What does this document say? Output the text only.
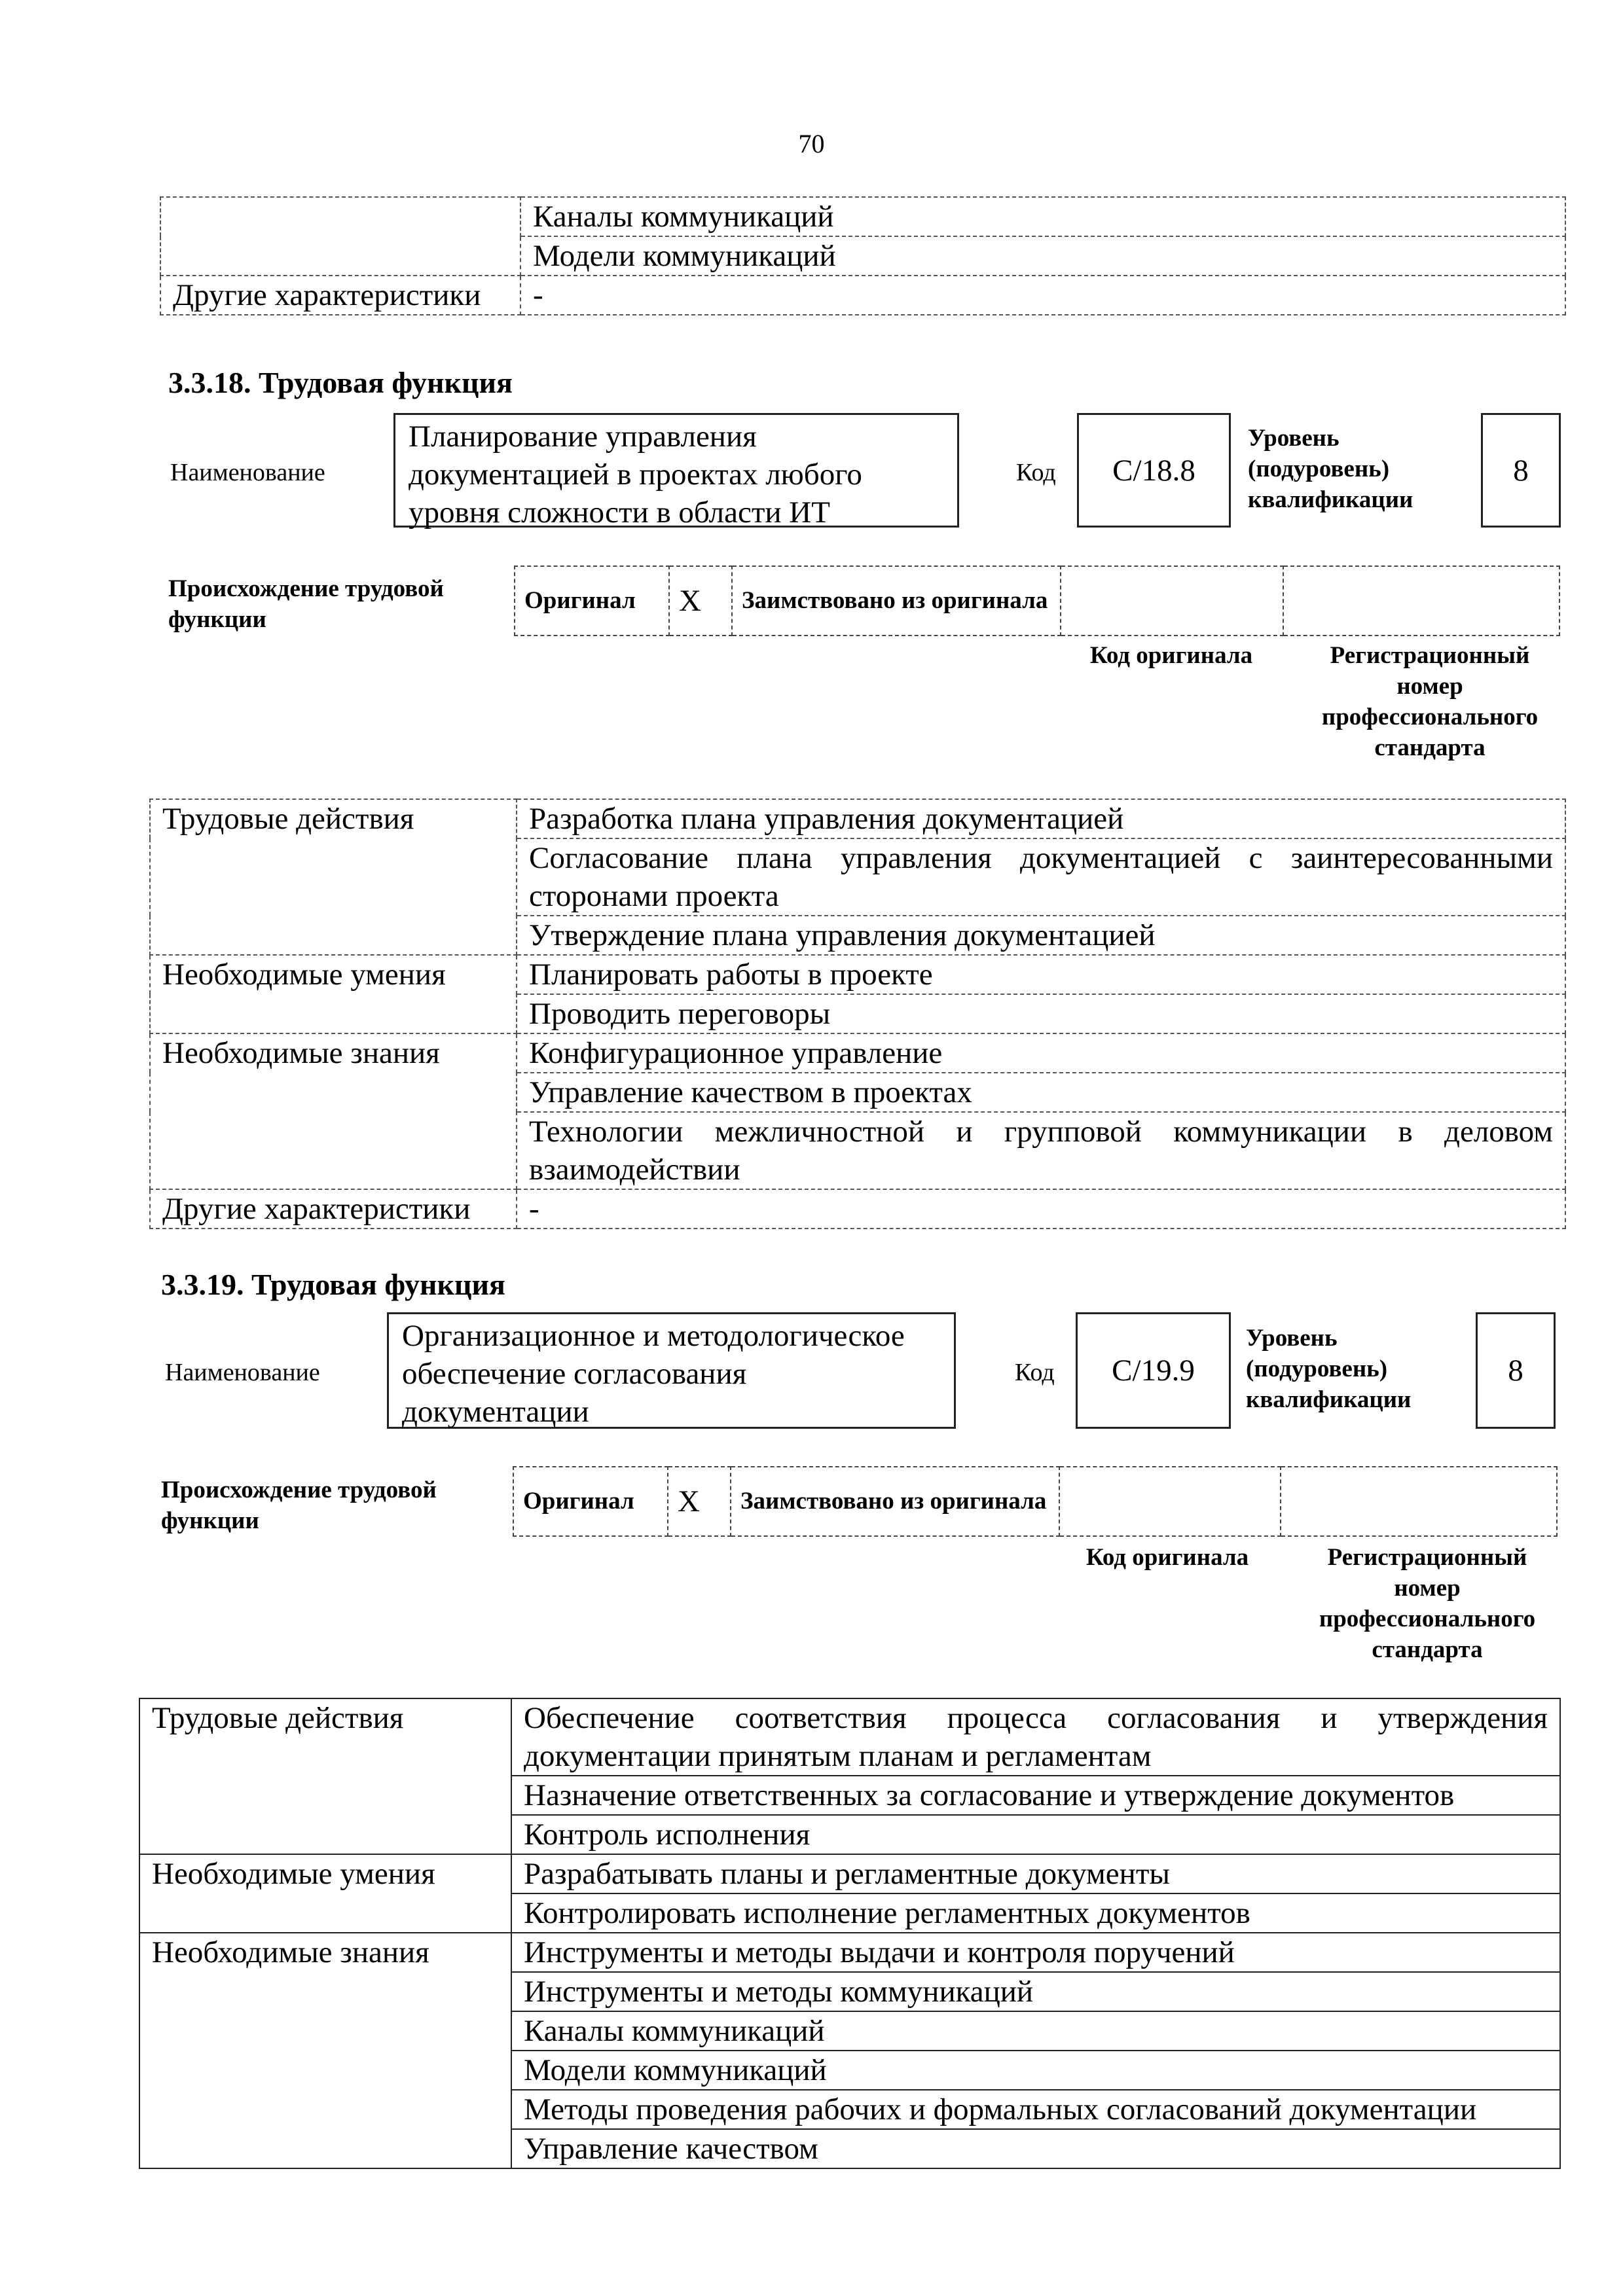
70
	Каналы коммуникаций
	Модели коммуникаций
Другие характеристики	-
3.3.18. Трудовая функция
Наименование
Планирование управления документацией в проектах любого уровня сложности в области ИТ
Код	C/18.8
Уровень (подуровень) квалификации
8
Происхождение трудовой функции
Оригинал	X	Заимствовано из оригинала		
Код оригинала	Регистрационный номер профессионального стандарта
Трудовые действия	Разработка плана управления документацией
	Согласование плана управления документацией с заинтересованными сторонами проекта
	Утверждение плана управления документацией
Необходимые умения	Планировать работы в проекте
	Проводить переговоры
Необходимые знания	Конфигурационное управление
	Управление качеством в проектах
	Технологии межличностной и групповой коммуникации в деловом взаимодействии
Другие характеристики	-
3.3.19. Трудовая функция
Наименование
Организационное и методологическое обеспечение согласования документации
Код	C/19.9
Уровень (подуровень) квалификации
8
Происхождение трудовой функции
Оригинал	X	Заимствовано из оригинала		
Код оригинала	Регистрационный номер профессионального стандарта
Трудовые действия	Обеспечение соответствия процесса согласования и утверждения документации принятым планам и регламентам
	Назначение ответственных за согласование и утверждение документов
	Контроль исполнения
Необходимые умения	Разрабатывать планы и регламентные документы
	Контролировать исполнение регламентных документов
Необходимые знания	Инструменты и методы выдачи и контроля поручений
	Инструменты и методы коммуникаций
	Каналы коммуникаций
	Модели коммуникаций
	Методы проведения рабочих и формальных согласований документации
	Управление качеством
